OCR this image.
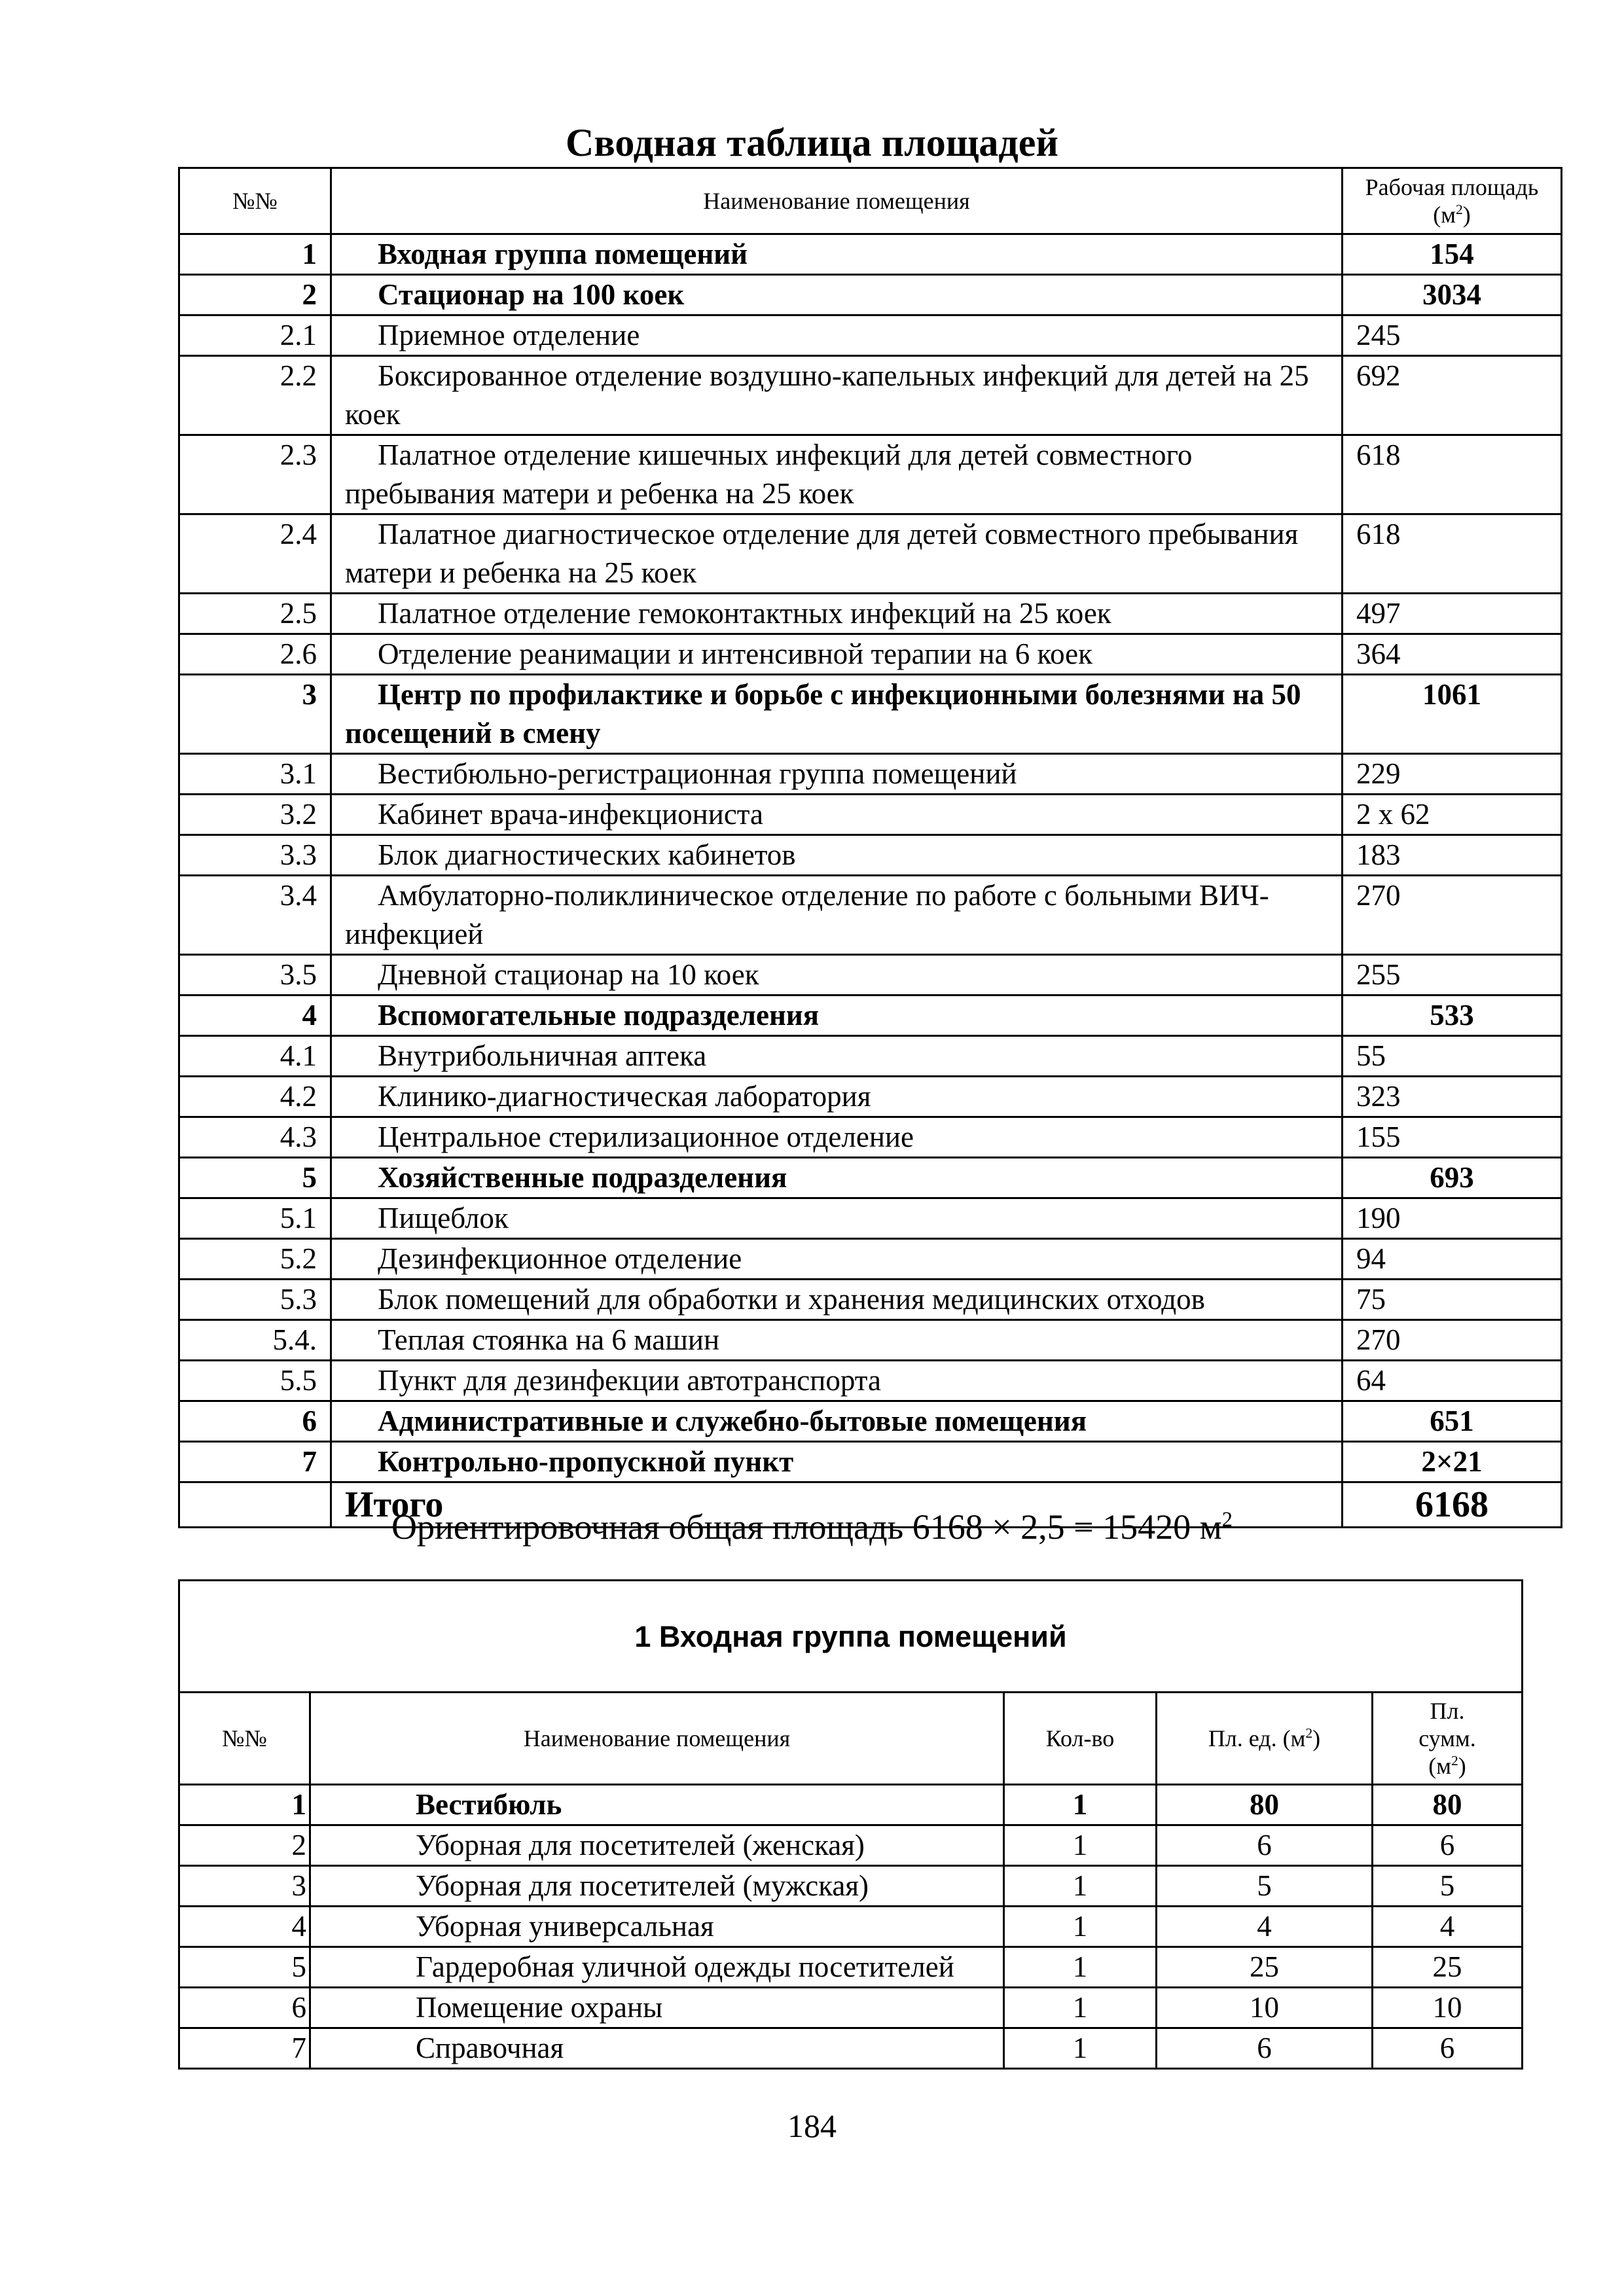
Сводная таблица площадей
№№	Наименование помещения	Рабочая площадь
$(м^2)$
1	Входная группа помещений	154
2	Стационар на 100 коек	3034
2.1	Приемное отделение	245
2.2	Боксированное отделение воздушно-капельных инфекций для детей на 25 коек	692
2.3	Палатное отделение кишечных инфекций для детей совместного пребывания матери и ребенка на 25 коек	618
2.4	Палатное диагностическое отделение для детей совместного пребывания матери и ребенка на 25 коек	618
2.5	Палатное отделение гемоконтактных инфекций на 25 коек	497
2.6	Отделение реанимации и интенсивной терапии на 6 коек	364
3	Центр по профилактике и борьбе с инфекционными болезнями на 50 посещений в смену	1061
3.1	Вестибюльно-регистрационная группа помещений	229
3.2	Кабинет врача-инфекциониста	2 x 62
3.3	Блок диагностических кабинетов	183
3.4	Амбулаторно-поликлиническое отделение по работе с больными ВИЧ-инфекцией	270
3.5	Дневной стационар на 10 коек	255
4	Вспомогательные подразделения	533
4.1	Внутрибольничная аптека	55
4.2	Клинико-диагностическая лаборатория	323
4.3	Центральное стерилизационное отделение	155
5	Хозяйственные подразделения	693
5.1	Пищеблок	190
5.2	Дезинфекционное отделение	94
5.3	Блок помещений для обработки и хранения медицинских отходов	75
5.4.	Теплая стоянка на 6 машин	270
5.5	Пункт для дезинфекции автотранспорта	64
6	Административные и служебно-бытовые помещения	651
7	Контрольно-пропускной пункт	2×21
	Итого	6168
Ориентировочная общая площадь 6168 × 2,5 = 15420 $м^2$
1 Входная группа помещений				
№№	Наименование помещения	Кол-во	Пл. ед. $(м^2)$	Пл.
сумм.
$(м^2)$
1	Вестибюль	1	80	80
2	Уборная для посетителей (женская)	1	6	6
3	Уборная для посетителей (мужская)	1	5	5
4	Уборная универсальная	1	4	4
5	Гардеробная уличной одежды посетителей	1	25	25
6	Помещение охраны	1	10	10
7	Справочная	1	6	6
184
